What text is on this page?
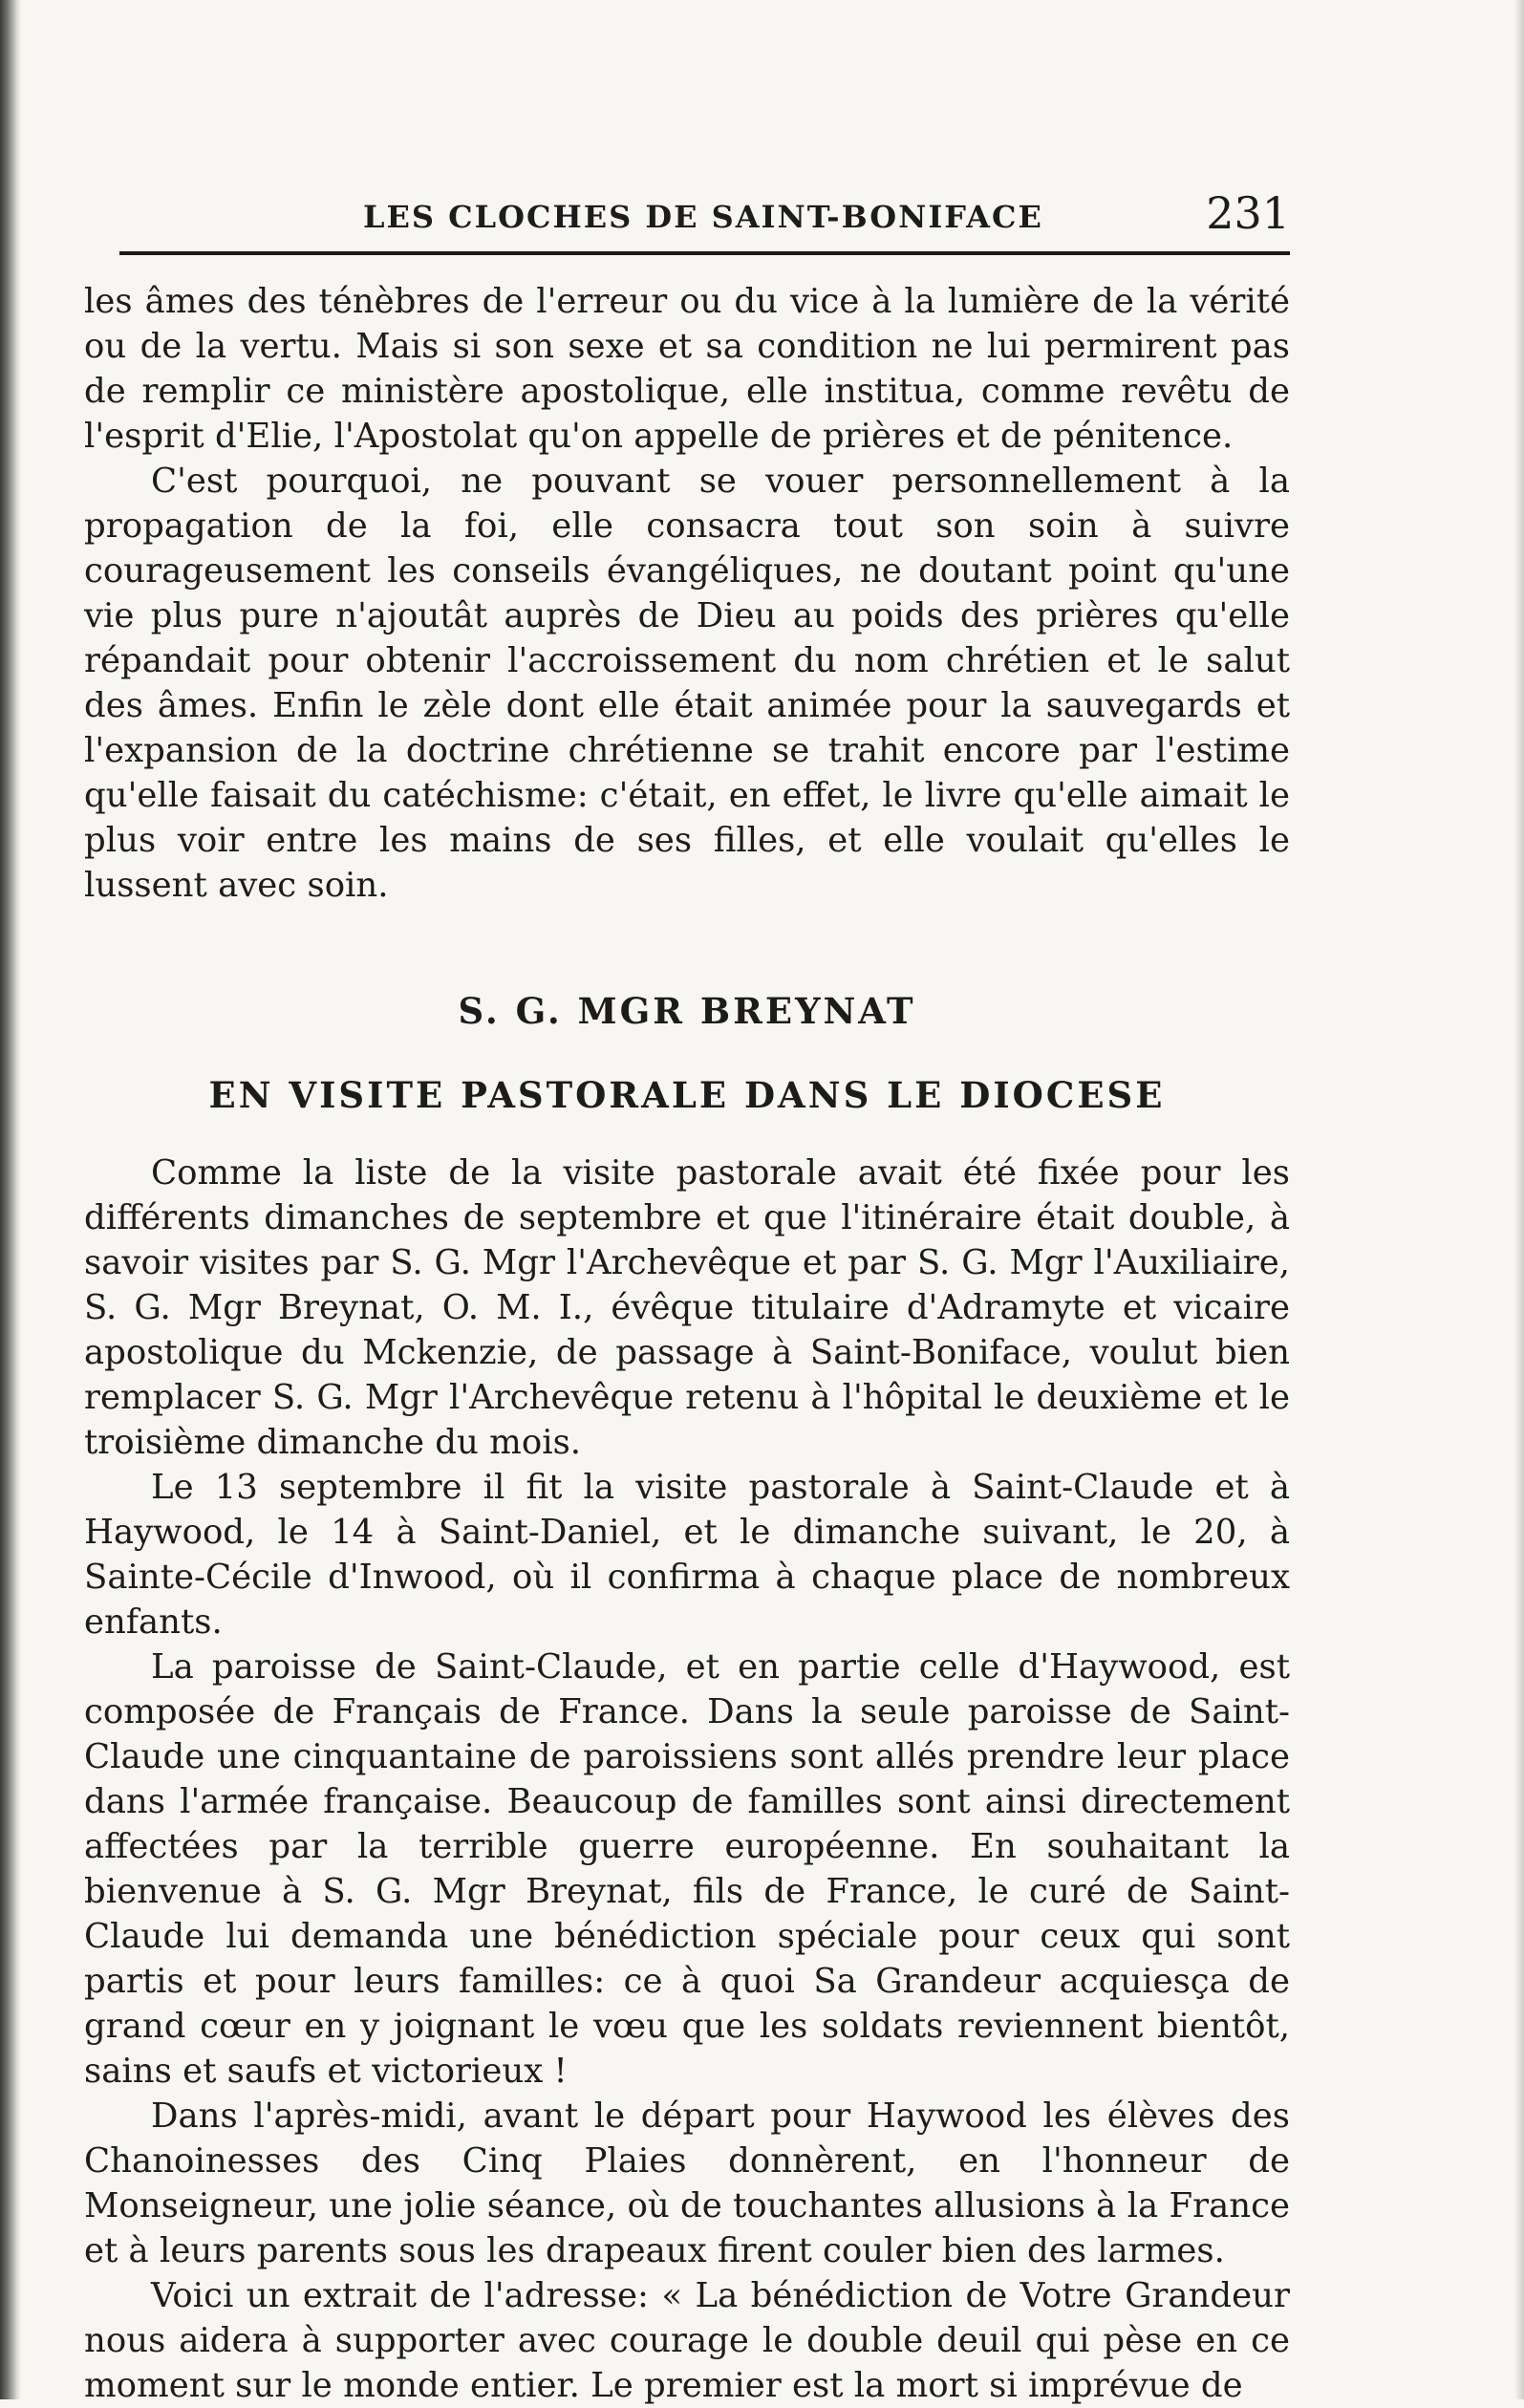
LES CLOCHES DE SAINT-BONIFACE	231

les âmes des ténèbres de l'erreur ou du vice à la lumière de la vérité ou de la vertu. Mais si son sexe et sa condition ne lui permirent pas de remplir ce ministère apostolique, elle institua, comme revêtu de l'esprit d'Elie, l'Apostolat qu'on appelle de prières et de pénitence.

C'est pourquoi, ne pouvant se vouer personnellement à la propagation de la foi, elle consacra tout son soin à suivre courageusement les conseils évangéliques, ne doutant point qu'une vie plus pure n'ajoutât auprès de Dieu au poids des prières qu'elle répandait pour obtenir l'accroissement du nom chrétien et le salut des âmes. Enfin le zèle dont elle était animée pour la sauvegards et l'expansion de la doctrine chrétienne se trahit encore par l'estime qu'elle faisait du catéchisme: c'était, en effet, le livre qu'elle aimait le plus voir entre les mains de ses filles, et elle voulait qu'elles le lussent avec soin.

S. G. MGR BREYNAT
EN VISITE PASTORALE DANS LE DIOCESE

Comme la liste de la visite pastorale avait été fixée pour les différents dimanches de septembre et que l'itinéraire était double, à savoir visites par S. G. Mgr l'Archevêque et par S. G. Mgr l'Auxiliaire, S. G. Mgr Breynat, O. M. I., évêque titulaire d'Adramyte et vicaire apostolique du Mckenzie, de passage à Saint-Boniface, voulut bien remplacer S. G. Mgr l'Archevêque retenu à l'hôpital le deuxième et le troisième dimanche du mois.

Le 13 septembre il fit la visite pastorale à Saint-Claude et à Haywood, le 14 à Saint-Daniel, et le dimanche suivant, le 20, à Sainte-Cécile d'Inwood, où il confirma à chaque place de nombreux enfants.

La paroisse de Saint-Claude, et en partie celle d'Haywood, est composée de Français de France. Dans la seule paroisse de Saint-Claude une cinquantaine de paroissiens sont allés prendre leur place dans l'armée française. Beaucoup de familles sont ainsi directement affectées par la terrible guerre européenne. En souhaitant la bienvenue à S. G. Mgr Breynat, fils de France, le curé de Saint-Claude lui demanda une bénédiction spéciale pour ceux qui sont partis et pour leurs familles: ce à quoi Sa Grandeur acquiesça de grand cœur en y joignant le vœu que les soldats reviennent bientôt, sains et saufs et victorieux !

Dans l'après-midi, avant le départ pour Haywood les élèves des Chanoinesses des Cinq Plaies donnèrent, en l'honneur de Monseigneur, une jolie séance, où de touchantes allusions à la France et à leurs parents sous les drapeaux firent couler bien des larmes.

Voici un extrait de l'adresse: « La bénédiction de Votre Grandeur nous aidera à supporter avec courage le double deuil qui pèse en ce moment sur le monde entier. Le premier est la mort si imprévue de
